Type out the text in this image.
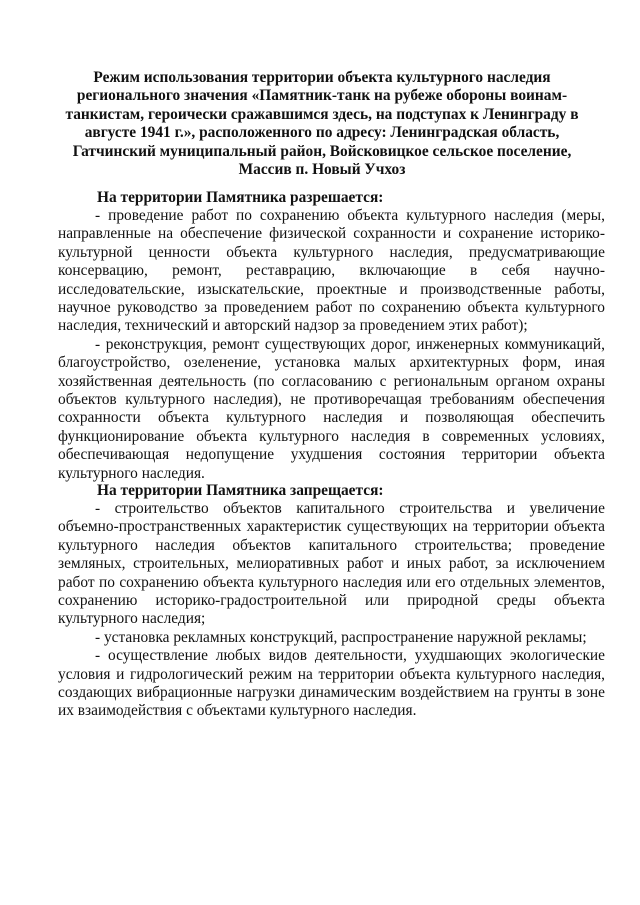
Режим использования территории объекта культурного наследия регионального значения «Памятник-танк на рубеже обороны воинам-танкистам, героически сражавшимся здесь, на подступах к Ленинграду в августе 1941 г.», расположенного по адресу: Ленинградская область, Гатчинский муниципальный район, Войсковицкое сельское поселение, Массив п. Новый Учхоз
На территории Памятника разрешается:

- проведение работ по сохранению объекта культурного наследия (меры, направленные на обеспечение физической сохранности и сохранение историко-культурной ценности объекта культурного наследия, предусматривающие консервацию, ремонт, реставрацию, включающие в себя научно-исследовательские, изыскательские, проектные и производственные работы, научное руководство за проведением работ по сохранению объекта культурного наследия, технический и авторский надзор за проведением этих работ);

- реконструкция, ремонт существующих дорог, инженерных коммуникаций, благоустройство, озеленение, установка малых архитектурных форм, иная хозяйственная деятельность (по согласованию с региональным органом охраны объектов культурного наследия), не противоречащая требованиям обеспечения сохранности объекта культурного наследия и позволяющая обеспечить функционирование объекта культурного наследия в современных условиях, обеспечивающая недопущение ухудшения состояния территории объекта культурного наследия.

На территории Памятника запрещается:

- строительство объектов капитального строительства и увеличение объемно-пространственных характеристик существующих на территории объекта культурного наследия объектов капитального строительства; проведение земляных, строительных, мелиоративных работ и иных работ, за исключением работ по сохранению объекта культурного наследия или его отдельных элементов, сохранению историко-градостроительной или природной среды объекта культурного наследия;

- установка рекламных конструкций, распространение наружной рекламы;

- осуществление любых видов деятельности, ухудшающих экологические условия и гидрологический режим на территории объекта культурного наследия, создающих вибрационные нагрузки динамическим воздействием на грунты в зоне их взаимодействия с объектами культурного наследия.
